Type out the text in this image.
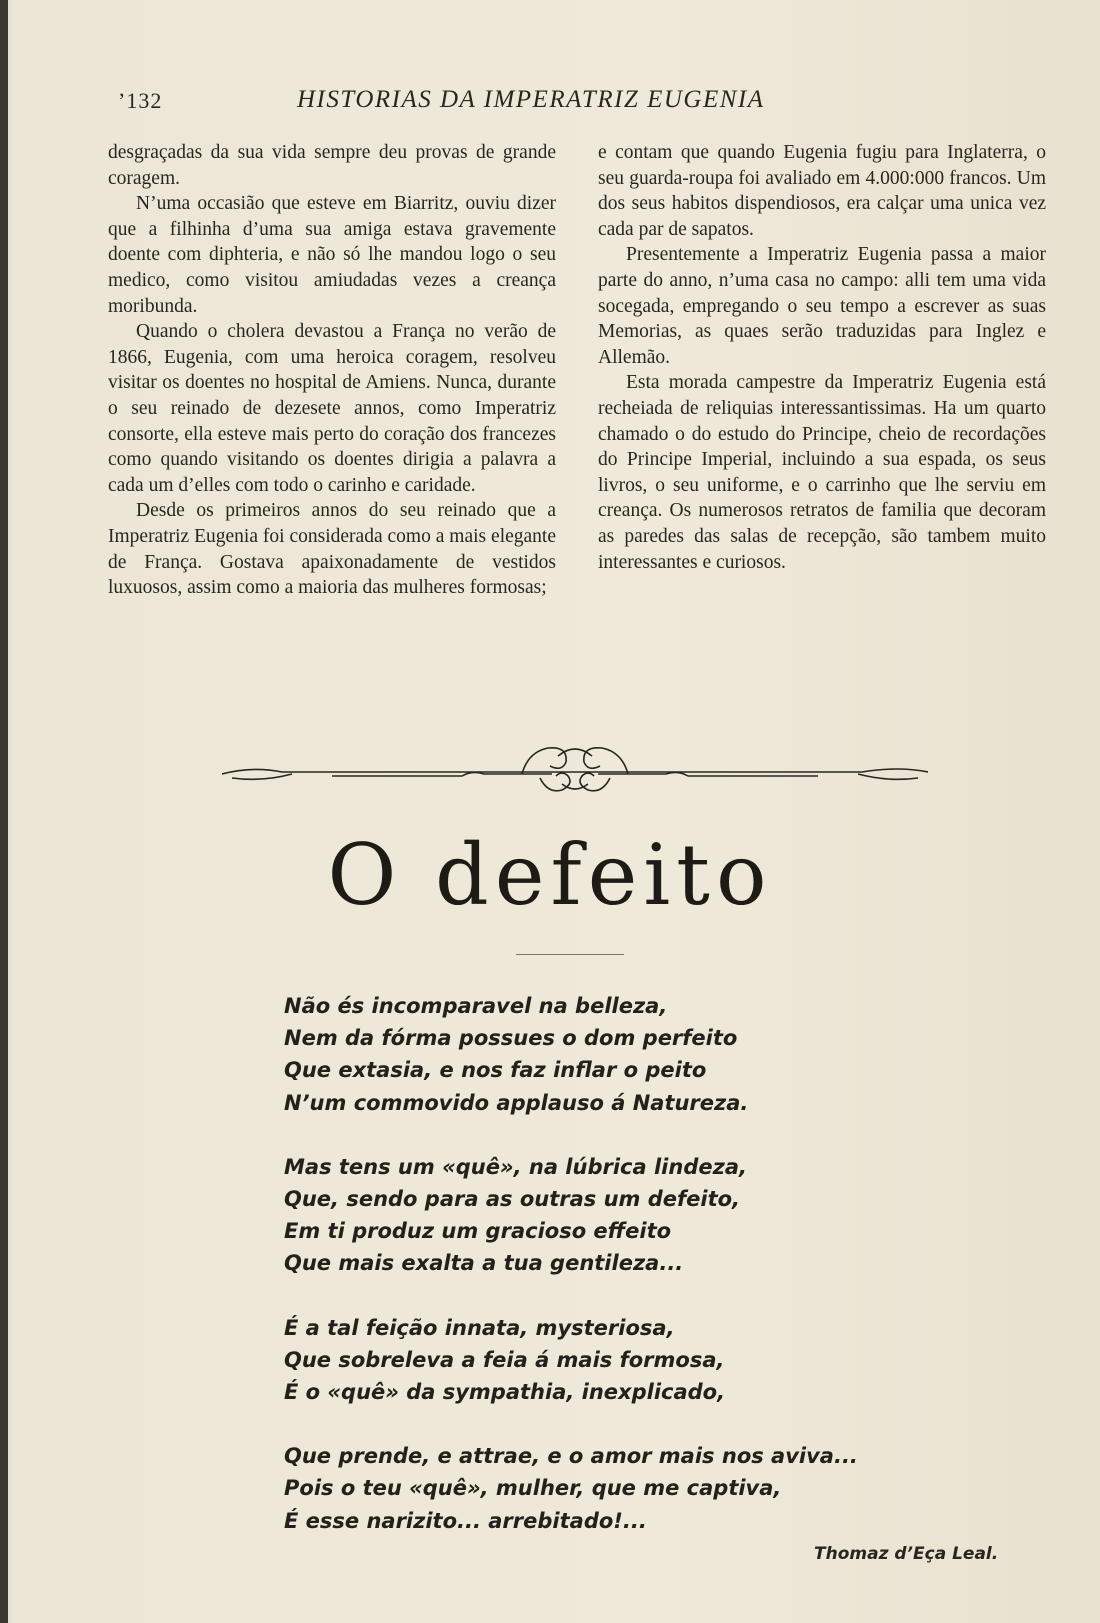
’132	HISTORIAS DA IMPERATRIZ EUGENIA

desgraçadas da sua vida sempre deu provas de grande coragem.

N’uma occasião que esteve em Biarritz, ouviu dizer que a filhinha d’uma sua amiga estava gravemente doente com diphteria, e não só lhe mandou logo o seu medico, como visitou amiudadas vezes a creança moribunda.

Quando o cholera devastou a França no verão de 1866, Eugenia, com uma heroica coragem, resolveu visitar os doentes no hospital de Amiens. Nunca, durante o seu reinado de dezesete annos, como Imperatriz consorte, ella esteve mais perto do coração dos francezes como quando visitando os doentes dirigia a palavra a cada um d’elles com todo o carinho e caridade.

Desde os primeiros annos do seu reinado que a Imperatriz Eugenia foi considerada como a mais elegante de França. Gostava apaixonadamente de vestidos luxuosos, assim como a maioria das mulheres formosas;

e contam que quando Eugenia fugiu para Inglaterra, o seu guarda-roupa foi avaliado em 4.000:000 francos. Um dos seus habitos dispendiosos, era calçar uma unica vez cada par de sapatos.

Presentemente a Imperatriz Eugenia passa a maior parte do anno, n’uma casa no campo: alli tem uma vida socegada, empregando o seu tempo a escrever as suas Memorias, as quaes serão traduzidas para Inglez e Allemão.

Esta morada campestre da Imperatriz Eugenia está recheiada de reliquias interessantissimas. Ha um quarto chamado o do estudo do Principe, cheio de recordações do Principe Imperial, incluindo a sua espada, os seus livros, o seu uniforme, e o carrinho que lhe serviu em creança. Os numerosos retratos de familia que decoram as paredes das salas de recepção, são tambem muito interessantes e curiosos.

O defeito
Não és incomparavel na belleza,
Nem da fórma possues o dom perfeito
Que extasia, e nos faz inflar o peito
N’um commovido applauso á Natureza.
Mas tens um «quê», na lúbrica lindeza,
Que, sendo para as outras um defeito,
Em ti produz um gracioso effeito
Que mais exalta a tua gentileza...
É a tal feição innata, mysteriosa,
Que sobreleva a feia á mais formosa,
É o «quê» da sympathia, inexplicado,
Que prende, e attrae, e o amor mais nos aviva...
Pois o teu «quê», mulher, que me captiva,
É esse narizito... arrebitado!...
Thomaz d’Eça Leal.
